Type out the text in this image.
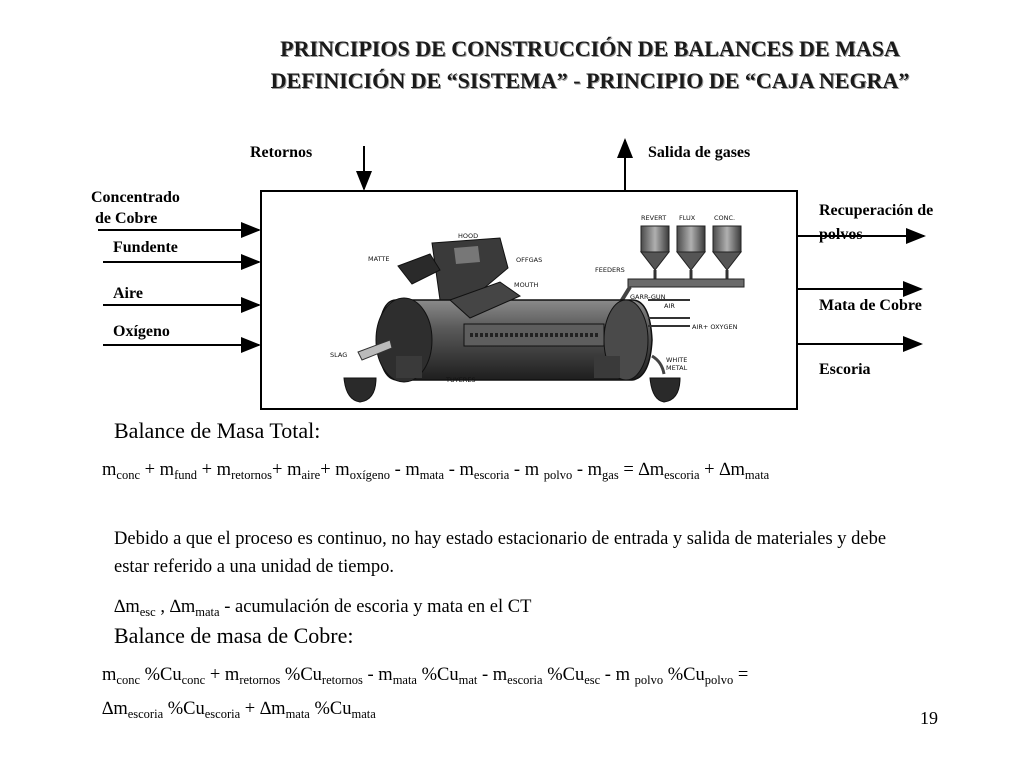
PRINCIPIOS DE CONSTRUCCIÓN DE BALANCES DE MASA
DEFINICIÓN DE “SISTEMA” - PRINCIPIO DE “CAJA NEGRA”
HOOD
MATTE	OFFGAS
MOUTH
REVERT FLUX	CONC.
FEEDERS
GARR-GUN
AIR
AIR+ OXYGEN
SLAG
TUYERES
WHITE
METAL
Retornos	Salida de gases
Concentrado
de Cobre
Fundente
Aire
Oxígeno
Recuperación de
polvos
Mata de Cobre
Escoria
Balance de Masa Total:
$m_{conc} + m_{fund} + m_{retornos}+ m_{aire}+ m_{oxígeno} - m_{mata} - m_{escoria} - m$ $_{polvo} - m_{gas} = \Delta m_{escoria} + \Delta m_{mata}$
Debido a que el proceso es continuo, no hay estado estacionario de entrada y salida de materiales y debe estar referido a una unidad de tiempo.
$\Delta m_{esc}$ , $\Delta m_{mata}$ - acumulación de escoria y mata en el CT
Balance de masa de Cobre:
$m_{conc}$ $\%Cu_{conc} + m_{retornos}$ $\%Cu_{retornos} - m_{mata}$ $\%Cu_{mat} - m_{escoria}$ $\%Cu_{esc}$ - m $_{polvo}$ $\%Cu_{polvo}$ =
$\Delta m_{escoria}$ $\%Cu_{escoria} + \Delta m_{mata}$ $\%Cu_{mata}$	19
